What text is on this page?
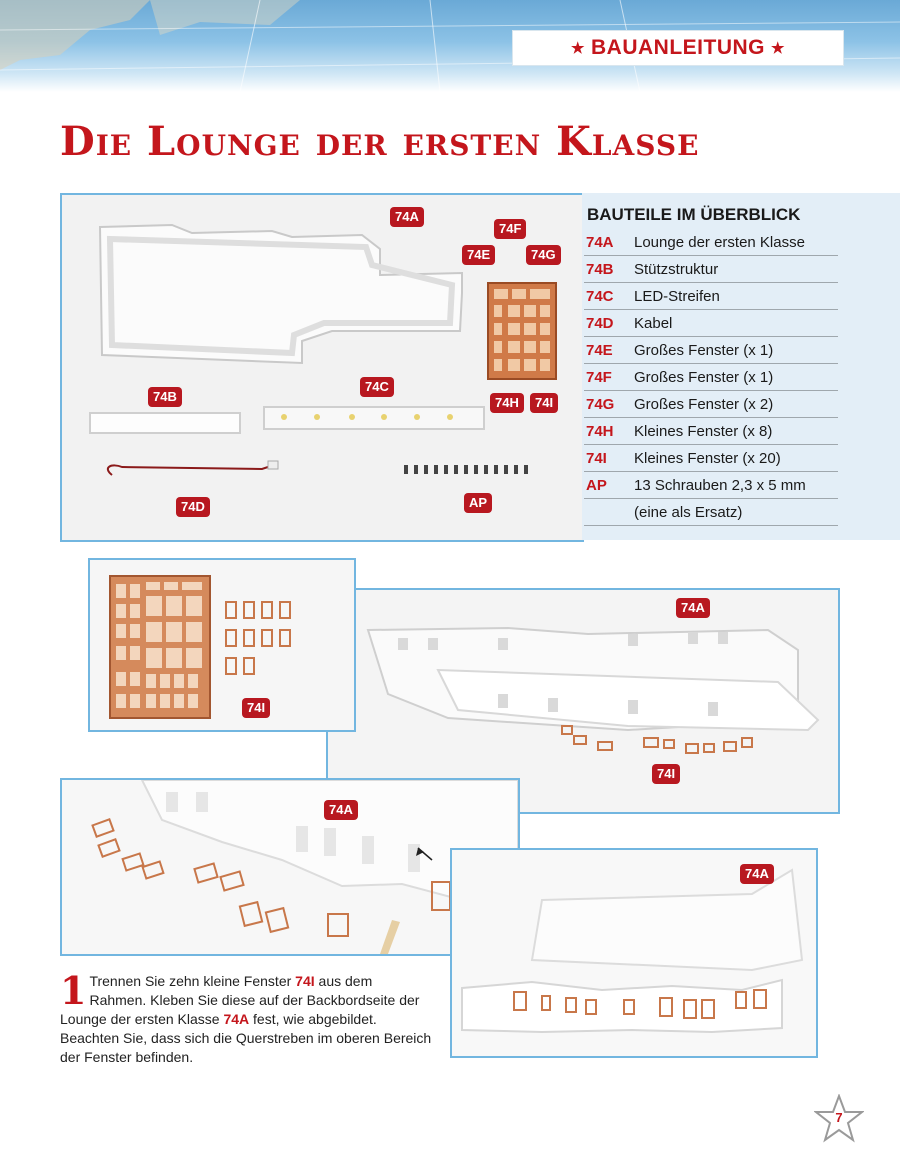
★ BAUANLEITUNG ★
Die Lounge der ersten Klasse
74A
74F
74E	74G
74B
74C
74H	74I
74D	AP
BAUTEILE IM ÜBERBLICK
74A	Lounge der ersten Klasse
74B	Stützstruktur
74C	LED-Streifen
74D	Kabel
74E	Großes Fenster (x 1)
74F	Großes Fenster (x 1)
74G	Großes Fenster (x 2)
74H	Kleines Fenster (x 8)
74I	Kleines Fenster (x 20)
AP	13 Schrauben 2,3 x 5 mm
	(eine als Ersatz)
74A
74I
74I
74A
74A
1 Trennen Sie zehn kleine Fenster 74I aus dem Rahmen. Kleben Sie diese auf der Backbordseite der Lounge der ersten Klasse 74A fest, wie abgebildet. Beachten Sie, dass sich die Querstreben im oberen Bereich der Fenster befinden.
7
